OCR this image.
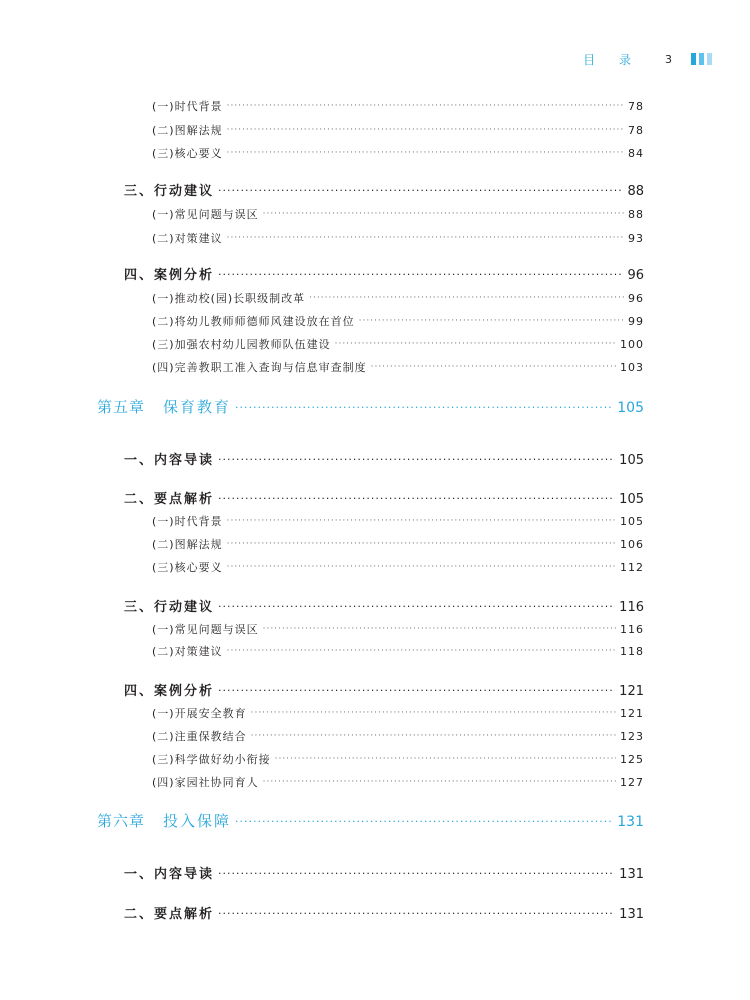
目 录 3
(一)时代背景 ·····	78
(二)图解法规 ·····	78
(三)核心要义 ·····	84
三、行动建议 ·····	88
(一)常见问题与误区 ·····	88
(二)对策建议 ·····	93
四、案例分析 ·····	96
(一)推动校(园)长职级制改革 ·····	96
(二)将幼儿教师师德师风建设放在首位 ·····	99
(三)加强农村幼儿园教师队伍建设 ·····	100
(四)完善教职工准入查询与信息审查制度 ·····	103
第五章 保育教育 ·····	105
一、内容导读 ·····	105
二、要点解析 ·····	105
(一)时代背景 ·····	105
(二)图解法规 ·····	106
(三)核心要义 ·····	112
三、行动建议 ·····	116
(一)常见问题与误区 ·····	116
(二)对策建议 ·····	118
四、案例分析 ·····	121
(一)开展安全教育 ·····	121
(二)注重保教结合 ·····	123
(三)科学做好幼小衔接 ·····	125
(四)家园社协同育人 ·····	127
第六章 投入保障 ·····	131
一、内容导读 ·····	131
二、要点解析 ·····	131
